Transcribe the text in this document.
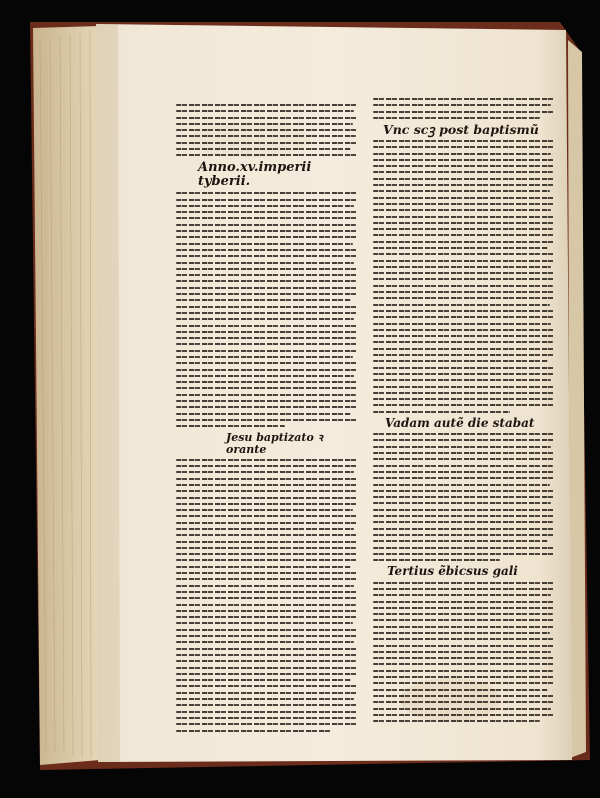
Anno.xv.imperii tyberii.
Jesu baptizato ꝛ orante
Vnc scꝫ post baptismũ
Vadam autẽ die stabat
Tertius ẽbicsus gali
